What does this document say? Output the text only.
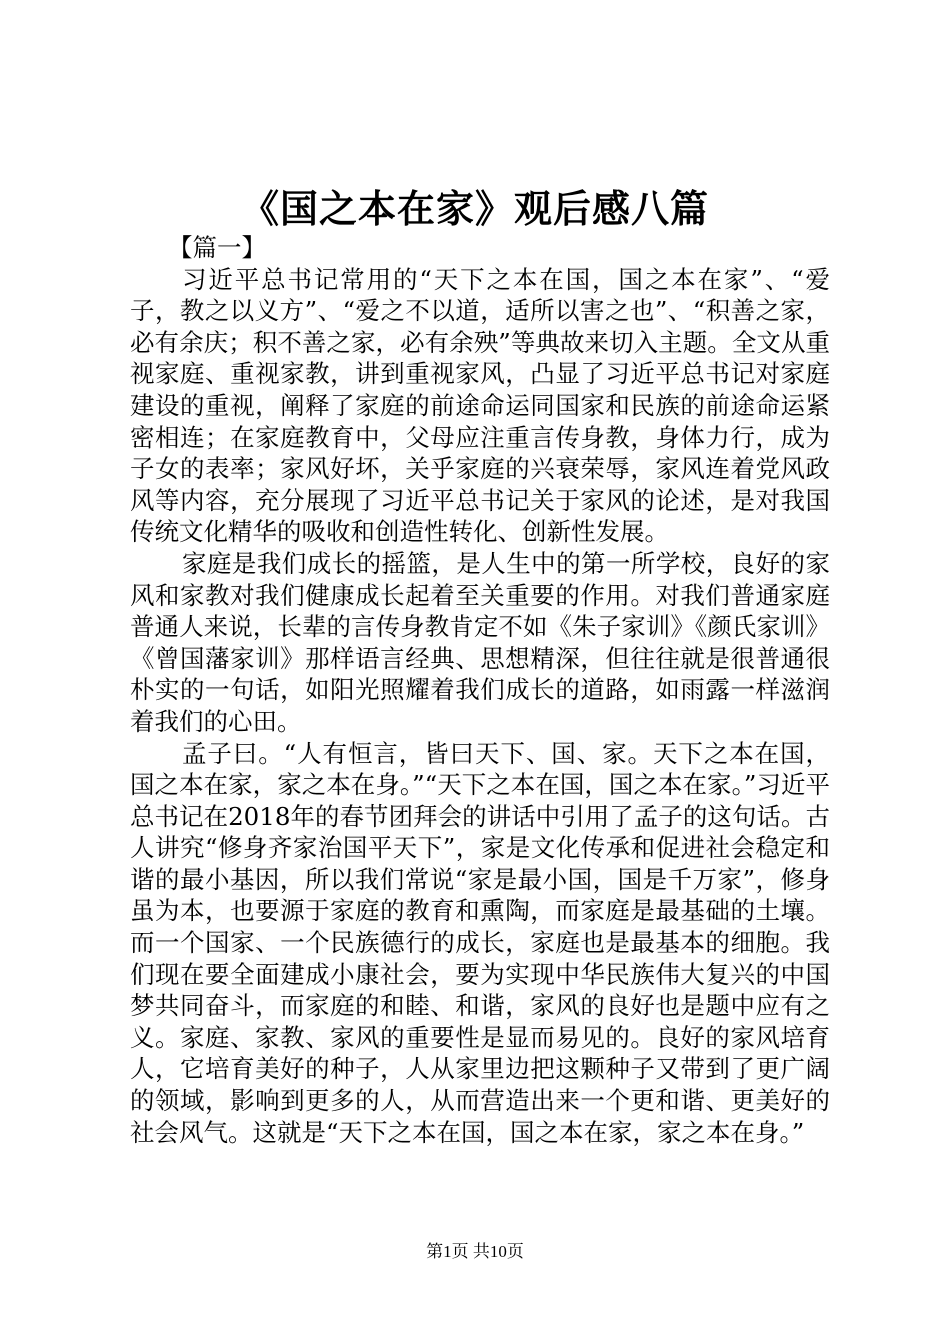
《国之本在家》观后感八篇

【篇一】

习近平总书记常用的“天下之本在国，国之本在家”、“爱子，教之以义方”、“爱之不以道，适所以害之也”、“积善之家，必有余庆；积不善之家，必有余殃”等典故来切入主题。全文从重视家庭、重视家教，讲到重视家风，凸显了习近平总书记对家庭建设的重视，阐释了家庭的前途命运同国家和民族的前途命运紧密相连；在家庭教育中，父母应注重言传身教，身体力行，成为子女的表率；家风好坏，关乎家庭的兴衰荣辱，家风连着党风政风等内容，充分展现了习近平总书记关于家风的论述，是对我国传统文化精华的吸收和创造性转化、创新性发展。

家庭是我们成长的摇篮，是人生中的第一所学校，良好的家风和家教对我们健康成长起着至关重要的作用。对我们普通家庭普通人来说，长辈的言传身教肯定不如《朱子家训》《颜氏家训》《曾国藩家训》那样语言经典、思想精深，但往往就是很普通很朴实的一句话，如阳光照耀着我们成长的道路，如雨露一样滋润着我们的心田。

孟子曰。“人有恒言，皆曰天下、国、家。天下之本在国，国之本在家，家之本在身。”“天下之本在国，国之本在家。”习近平总书记在2018年的春节团拜会的讲话中引用了孟子的这句话。古人讲究“修身齐家治国平天下”，家是文化传承和促进社会稳定和谐的最小基因，所以我们常说“家是最小国，国是千万家”，修身虽为本，也要源于家庭的教育和熏陶，而家庭是最基础的土壤。而一个国家、一个民族德行的成长，家庭也是最基本的细胞。我们现在要全面建成小康社会，要为实现中华民族伟大复兴的中国梦共同奋斗，而家庭的和睦、和谐，家风的良好也是题中应有之义。家庭、家教、家风的重要性是显而易见的。良好的家风培育人，它培育美好的种子，人从家里边把这颗种子又带到了更广阔的领域，影响到更多的人，从而营造出来一个更和谐、更美好的社会风气。这就是“天下之本在国，国之本在家，家之本在身。”

第1页 共10页
